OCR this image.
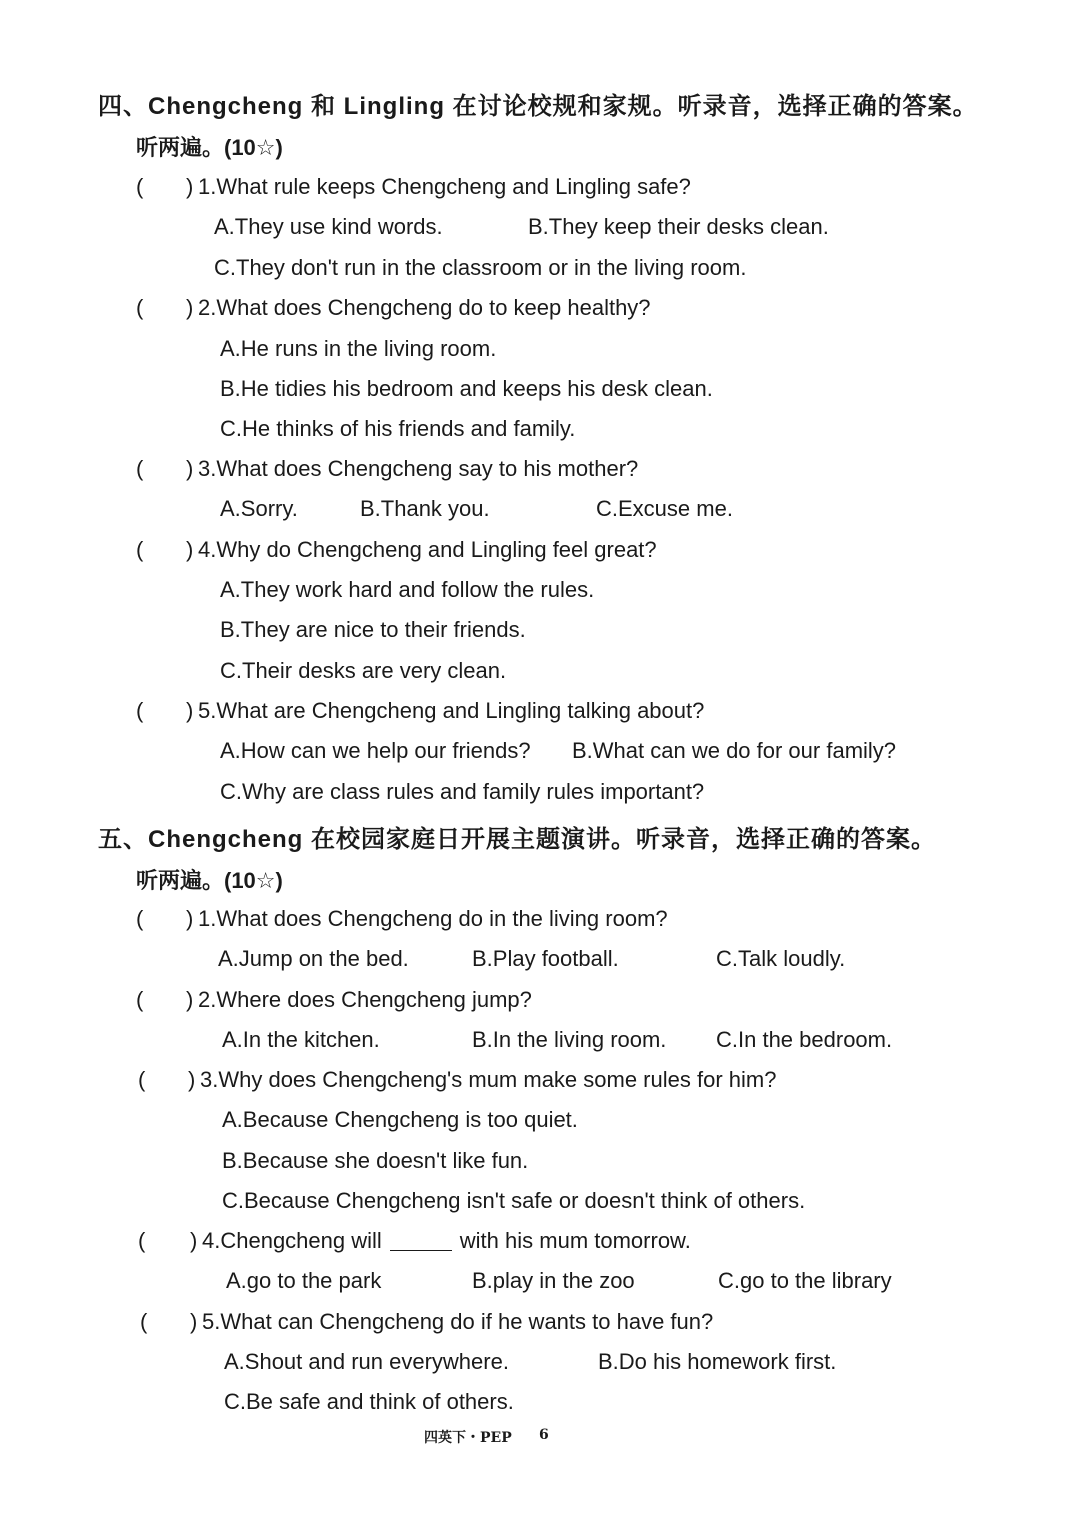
四、Chengcheng 和 Lingling 在讨论校规和家规。听录音，选择正确的答案。
听两遍。(10☆)
( ) 1.What rule keeps Chengcheng and Lingling safe?
A.They use kind words.	B.They keep their desks clean.
C.They don't run in the classroom or in the living room.
( ) 2.What does Chengcheng do to keep healthy?
A.He runs in the living room.
B.He tidies his bedroom and keeps his desk clean.
C.He thinks of his friends and family.
( ) 3.What does Chengcheng say to his mother?
A.Sorry.	B.Thank you.	C.Excuse me.
( ) 4.Why do Chengcheng and Lingling feel great?
A.They work hard and follow the rules.
B.They are nice to their friends.
C.Their desks are very clean.
( ) 5.What are Chengcheng and Lingling talking about?
A.How can we help our friends? B.What can we do for our family?
C.Why are class rules and family rules important?
五、Chengcheng 在校园家庭日开展主题演讲。听录音，选择正确的答案。
听两遍。(10☆)
( ) 1.What does Chengcheng do in the living room?
A.Jump on the bed.	B.Play football.	C.Talk loudly.
( ) 2.Where does Chengcheng jump?
A.In the kitchen.	B.In the living room. C.In the bedroom.
( ) 3.Why does Chengcheng's mum make some rules for him?
A.Because Chengcheng is too quiet.
B.Because she doesn't like fun.
C.Because Chengcheng isn't safe or doesn't think of others.
( ) 4.Chengcheng will	with his mum tomorrow.
A.go to the park	B.play in the zoo	C.go to the library
( ) 5.What can Chengcheng do if he wants to have fun?
A.Shout and run everywhere.	B.Do his homework first.
C.Be safe and think of others.
四英下・PEP 6
